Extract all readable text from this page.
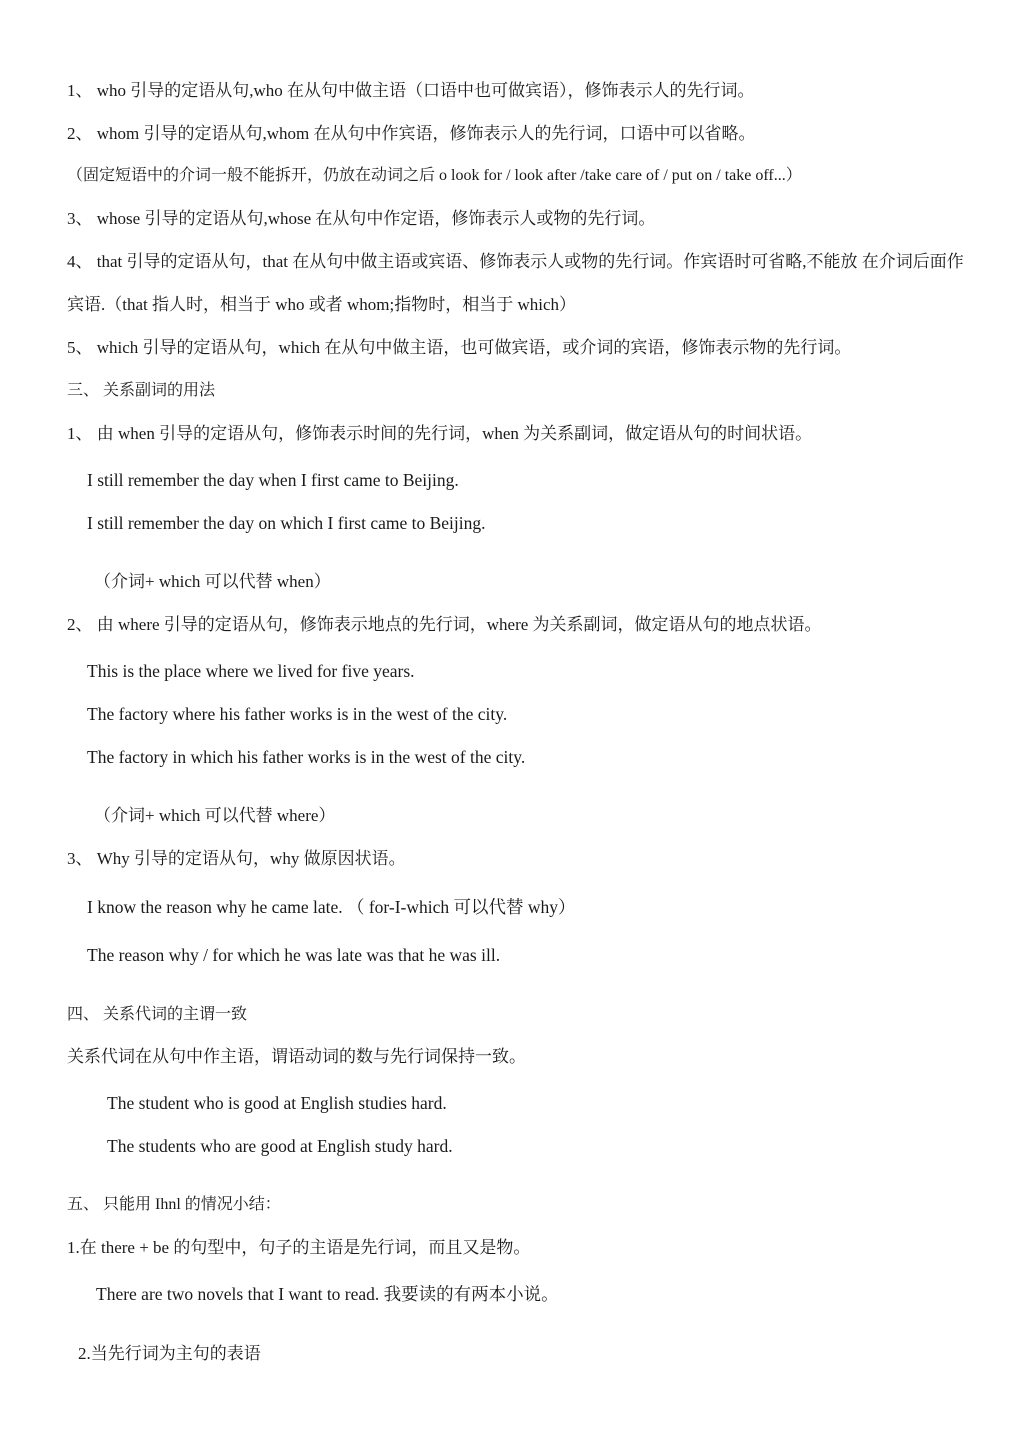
1、 who 引导的定语从句,who 在从句中做主语（口语中也可做宾语），修饰表示人的先行词。
2、 whom 引导的定语从句,whom 在从句中作宾语，修饰表示人的先行词，口语中可以省略。
（固定短语中的介词一般不能拆开，仍放在动词之后 o look for / look after /take care of / put on / take off...）
3、 whose 引导的定语从句,whose 在从句中作定语，修饰表示人或物的先行词。
4、 that 引导的定语从句，that 在从句中做主语或宾语、修饰表示人或物的先行词。作宾语时可省略,不能放 在介词后面作
宾语.（that 指人时，相当于 who 或者 whom;指物时，相当于 which）
5、 which 引导的定语从句，which 在从句中做主语，也可做宾语，或介词的宾语，修饰表示物的先行词。
三、 关系副词的用法
1、 由 when 引导的定语从句，修饰表示时间的先行词，when 为关系副词，做定语从句的时间状语。
I still remember the day when I first came to Beijing.
I still remember the day on which I first came to Beijing.
（介词+ which 可以代替 when）
2、 由 where 引导的定语从句，修饰表示地点的先行词，where 为关系副词，做定语从句的地点状语。
This is the place where we lived for five years.
The factory where his father works is in the west of the city.
The factory in which his father works is in the west of the city.
（介词+ which 可以代替 where）
3、 Why 引导的定语从句，why 做原因状语。
I know the reason why he came late. （ for-I-which 可以代替 why）
The reason why / for which he was late was that he was ill.
四、 关系代词的主谓一致
关系代词在从句中作主语，谓语动词的数与先行词保持一致。
The student who is good at English studies hard.
The students who are good at English study hard.
五、 只能用 Ihnl 的情况小结：
1.在 there + be 的句型中，句子的主语是先行词，而且又是物。
There are two novels that I want to read. 我要读的有两本小说。
2.当先行词为主句的表语
